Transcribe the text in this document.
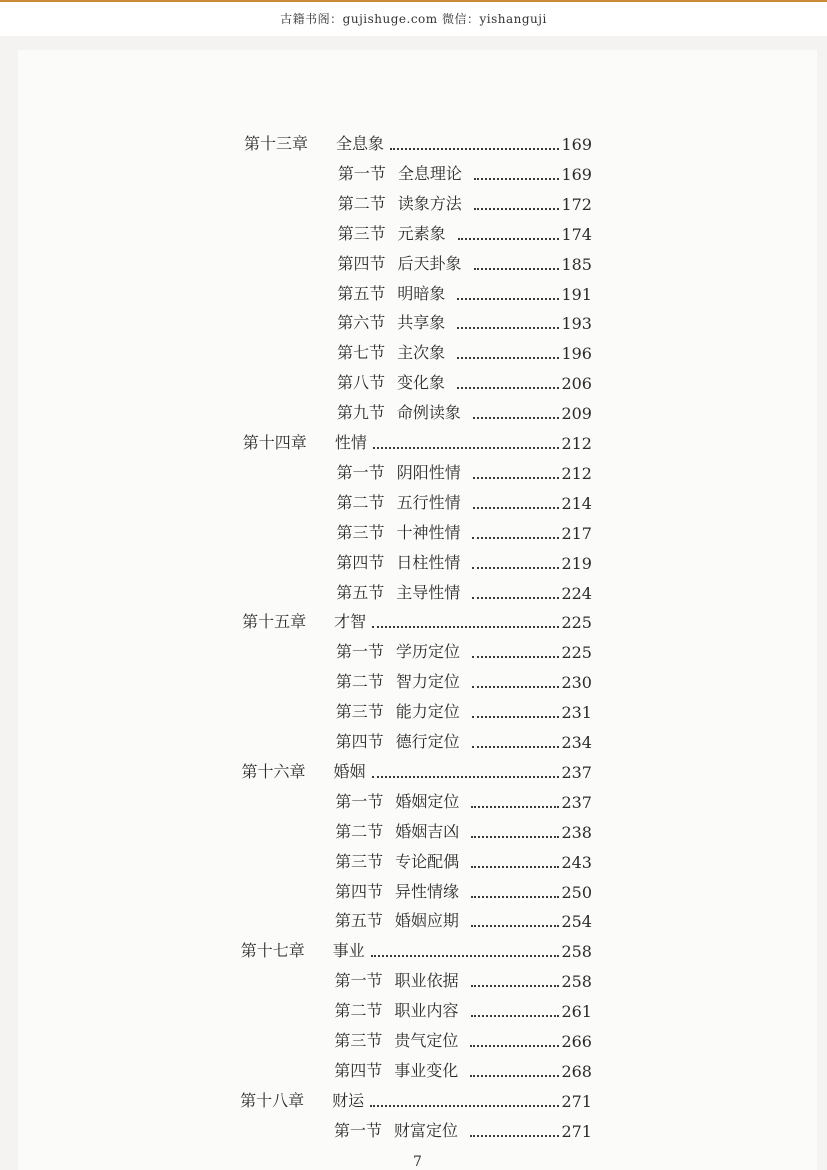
古籍书阁：gujishuge.com 微信：yishanguji
第十三章 全息象	169
第一节 全息理论	169
第二节 读象方法	172
第三节 元素象	174
第四节 后天卦象	185
第五节 明暗象	191
第六节 共享象	193
第七节 主次象	196
第八节 变化象	206
第九节 命例读象	209
第十四章 性情	212
第一节 阴阳性情	212
第二节 五行性情	214
第三节 十神性情	217
第四节 日柱性情	219
第五节 主导性情	224
第十五章 才智	225
第一节 学历定位	225
第二节 智力定位	230
第三节 能力定位	231
第四节 德行定位	234
第十六章 婚姻	237
第一节 婚姻定位	237
第二节 婚姻吉凶	238
第三节 专论配偶	243
第四节 异性情缘	250
第五节 婚姻应期	254
第十七章 事业	258
第一节 职业依据	258
第二节 职业内容	261
第三节 贵气定位	266
第四节 事业变化	268
第十八章 财运	271
第一节 财富定位	271
7
